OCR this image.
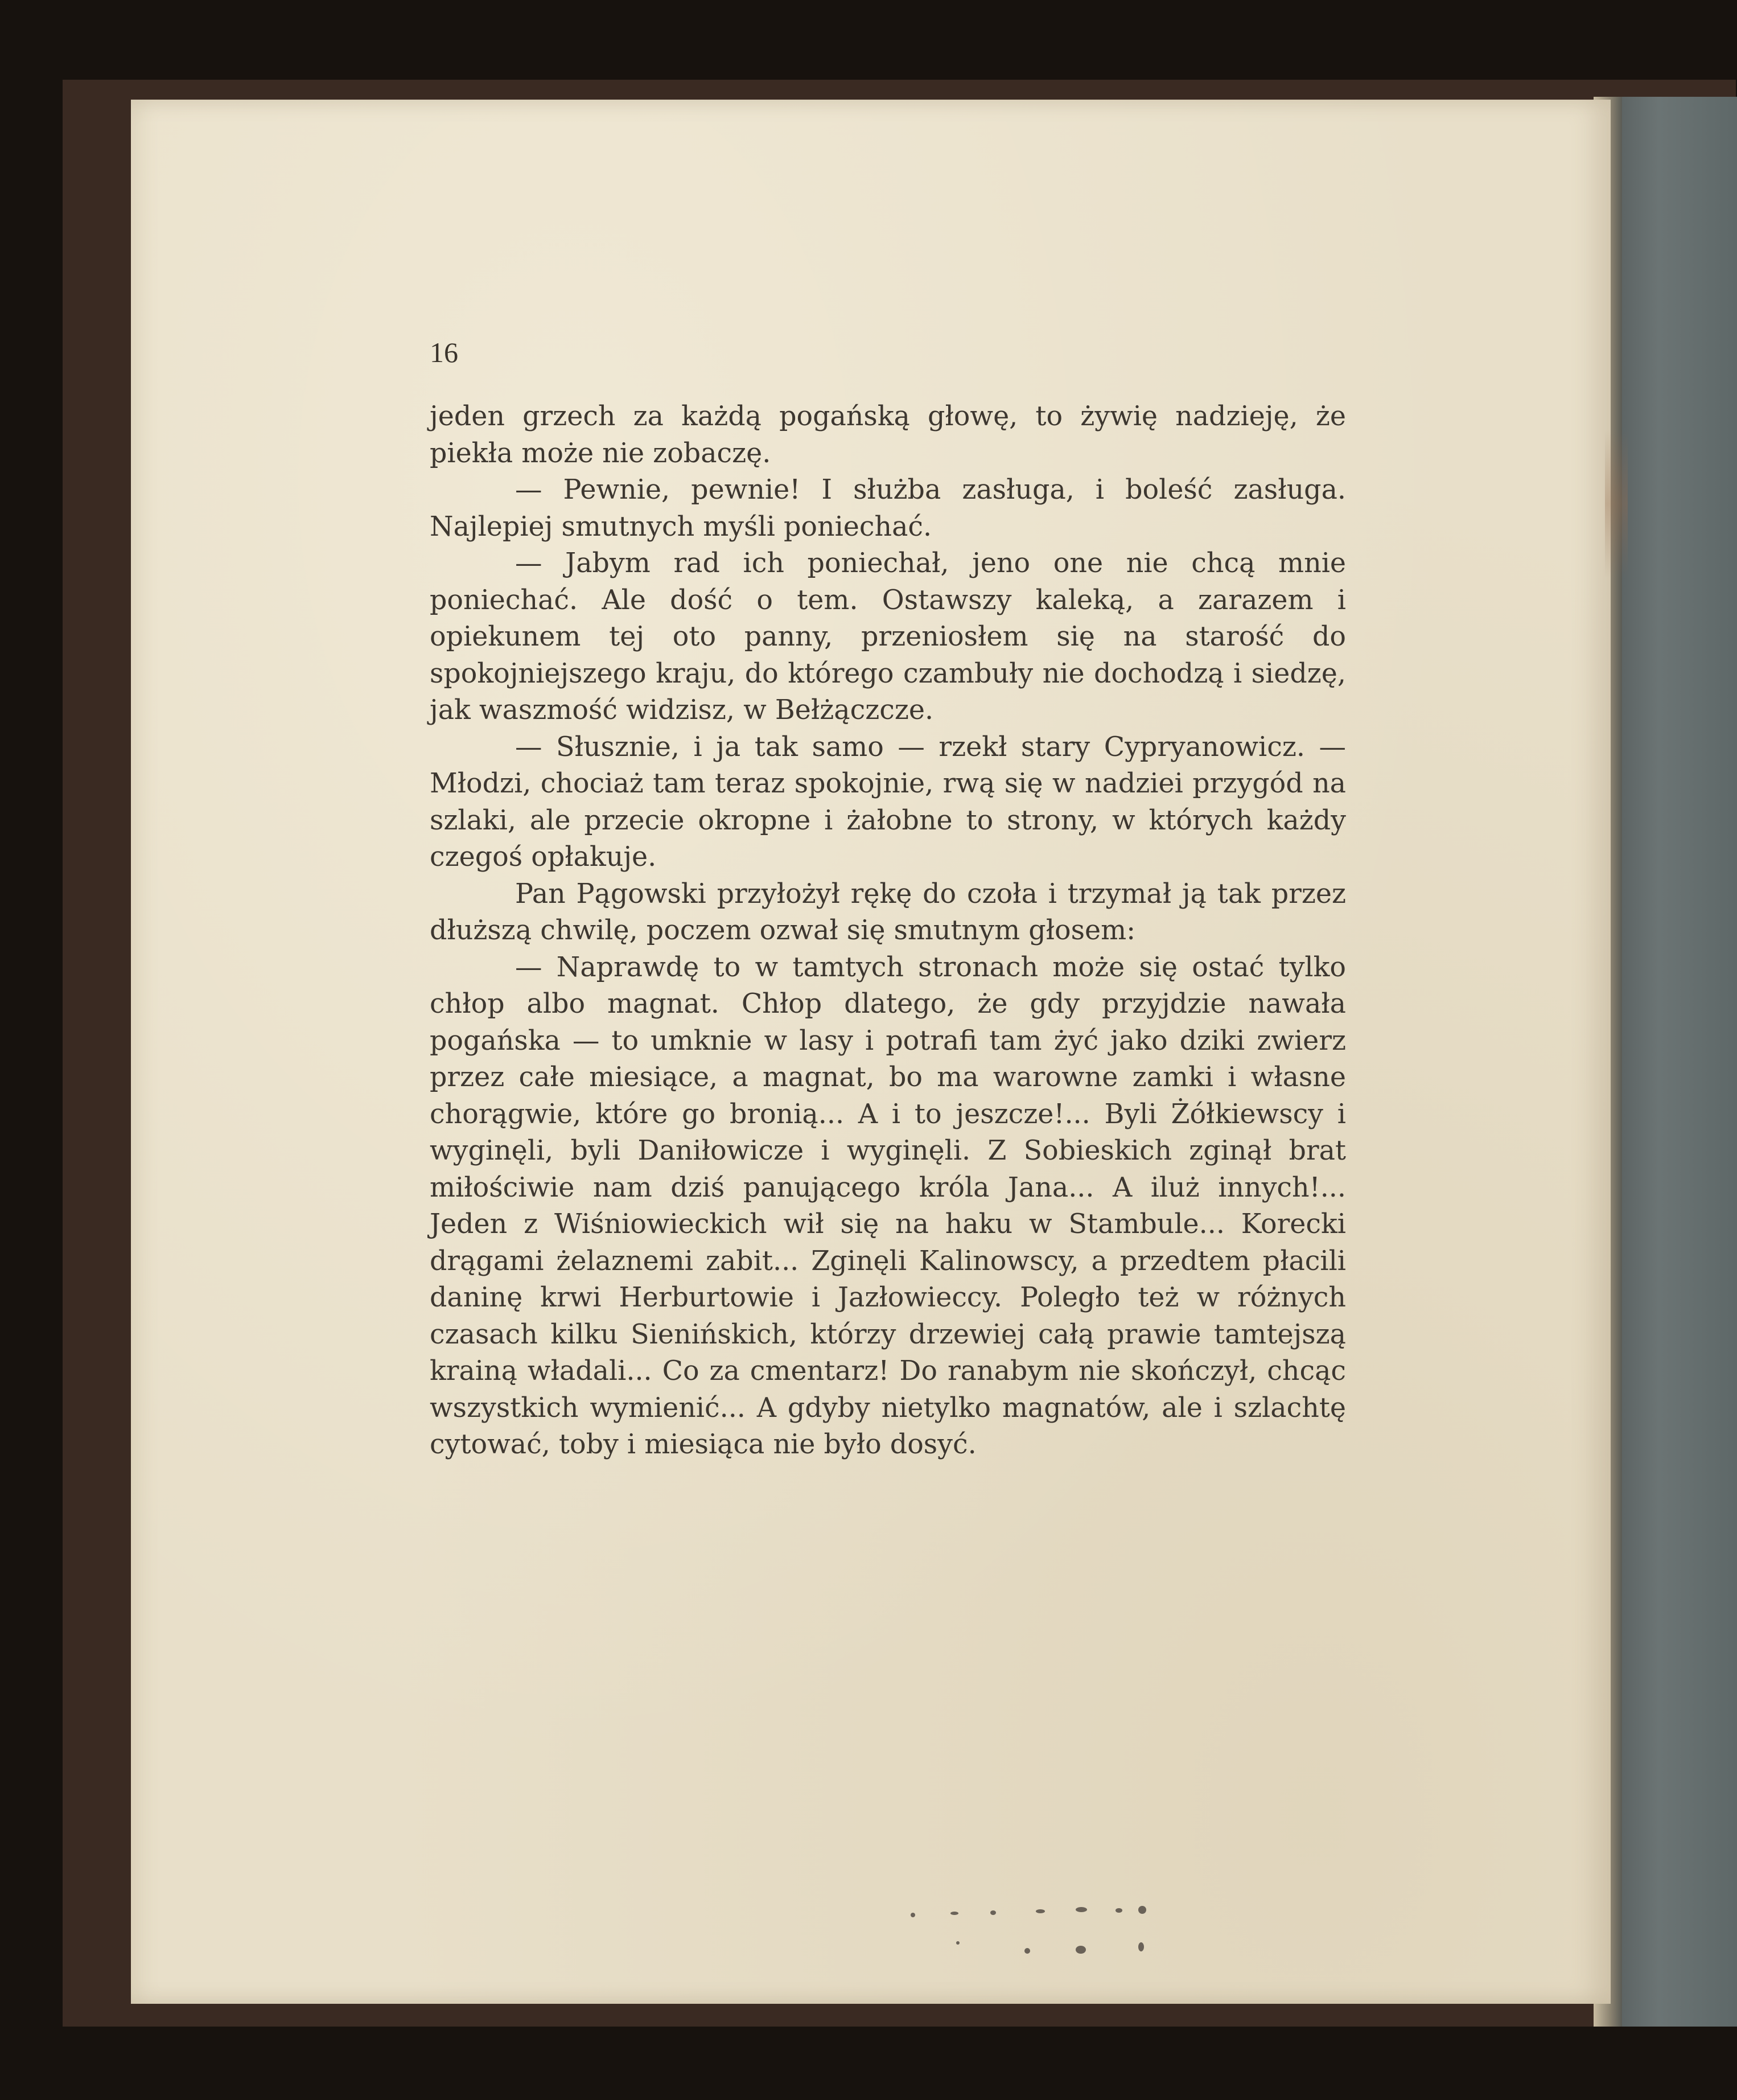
16

jeden grzech za każdą pogańską głowę, to żywię nadzieję, że piekła może nie zobaczę.

— Pewnie, pewnie! I służba zasługa, i boleść zasługa. Najlepiej smutnych myśli poniechać.

— Jabym rad ich poniechał, jeno one nie chcą mnie poniechać. Ale dość o tem. Ostawszy kaleką, a zarazem i opiekunem tej oto panny, przeniosłem się na starość do spokojniejszego kraju, do którego czambuły nie dochodzą i siedzę, jak waszmość widzisz, w Bełżączcze.

— Słusznie, i ja tak samo — rzekł stary Cypryanowicz. — Młodzi, chociaż tam teraz spokojnie, rwą się w nadziei przygód na szlaki, ale przecie okropne i żałobne to strony, w których każdy czegoś opłakuje.

Pan Pągowski przyłożył rękę do czoła i trzymał ją tak przez dłuższą chwilę, poczem ozwał się smutnym głosem:

— Naprawdę to w tamtych stronach może się ostać tylko chłop albo magnat. Chłop dlatego, że gdy przyjdzie nawała pogańska — to umknie w lasy i potrafi tam żyć jako dziki zwierz przez całe miesiące, a magnat, bo ma warowne zamki i własne chorągwie, które go bronią... A i to jeszcze!... Byli Żółkiewscy i wyginęli, byli Daniłowicze i wyginęli. Z Sobieskich zginął brat miłościwie nam dziś panującego króla Jana... A iluż innych!... Jeden z Wiśniowieckich wił się na haku w Stambule... Korecki drągami żelaznemi zabit... Zginęli Kalinowscy, a przedtem płacili daninę krwi Herburtowie i Jazłowieccy. Poległo też w różnych czasach kilku Sienińskich, którzy drzewiej całą prawie tamtejszą krainą władali... Co za cmentarz! Do ranabym nie skończył, chcąc wszystkich wymienić... A gdyby nietylko magnatów, ale i szlachtę cytować, toby i miesiąca nie było dosyć.
